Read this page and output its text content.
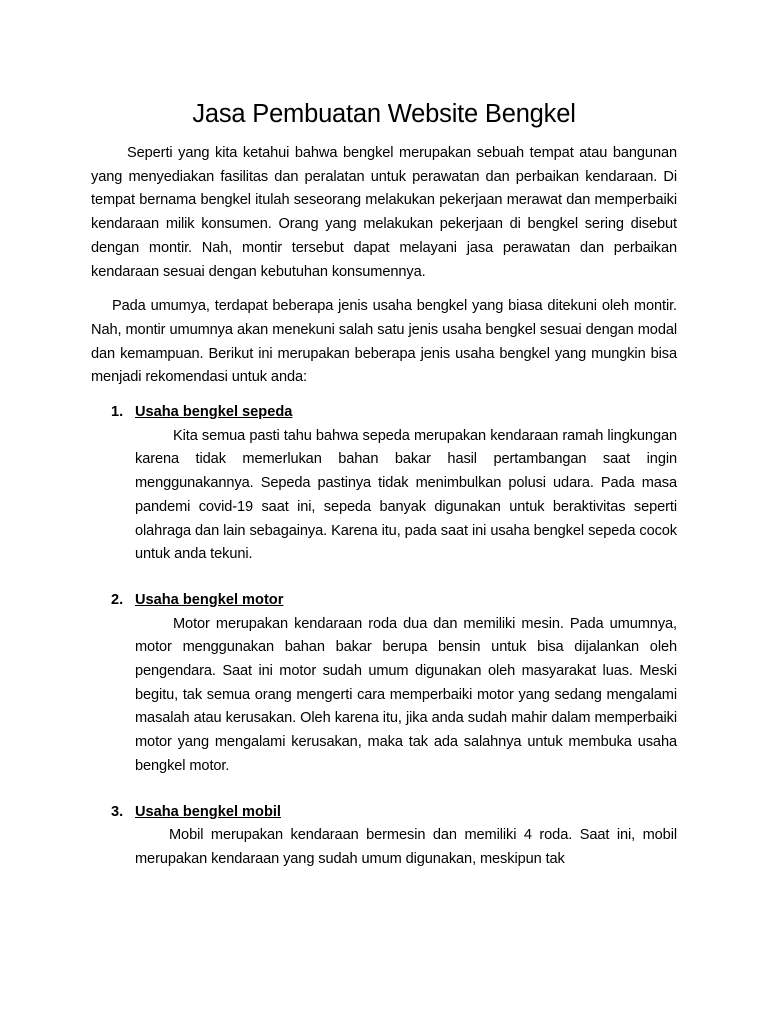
Jasa Pembuatan Website Bengkel

Seperti yang kita ketahui bahwa bengkel merupakan sebuah tempat atau bangunan yang menyediakan fasilitas dan peralatan untuk perawatan dan perbaikan kendaraan. Di tempat bernama bengkel itulah seseorang melakukan pekerjaan merawat dan memperbaiki kendaraan milik konsumen. Orang yang melakukan pekerjaan di bengkel sering disebut dengan montir. Nah, montir tersebut dapat melayani jasa perawatan dan perbaikan kendaraan sesuai dengan kebutuhan konsumennya.

Pada umumya, terdapat beberapa jenis usaha bengkel yang biasa ditekuni oleh montir. Nah, montir umumnya akan menekuni salah satu jenis usaha bengkel sesuai dengan modal dan kemampuan. Berikut ini merupakan beberapa jenis usaha bengkel yang mungkin bisa menjadi rekomendasi untuk anda:

1. Usaha bengkel sepeda

Kita semua pasti tahu bahwa sepeda merupakan kendaraan ramah lingkungan karena tidak memerlukan bahan bakar hasil pertambangan saat ingin menggunakannya. Sepeda pastinya tidak menimbulkan polusi udara. Pada masa pandemi covid-19 saat ini, sepeda banyak digunakan untuk beraktivitas seperti olahraga dan lain sebagainya. Karena itu, pada saat ini usaha bengkel sepeda cocok untuk anda tekuni.

2. Usaha bengkel motor

Motor merupakan kendaraan roda dua dan memiliki mesin. Pada umumnya, motor menggunakan bahan bakar berupa bensin untuk bisa dijalankan oleh pengendara. Saat ini motor sudah umum digunakan oleh masyarakat luas. Meski begitu, tak semua orang mengerti cara memperbaiki motor yang sedang mengalami masalah atau kerusakan. Oleh karena itu, jika anda sudah mahir dalam memperbaiki motor yang mengalami kerusakan, maka tak ada salahnya untuk membuka usaha bengkel motor.

3. Usaha bengkel mobil

Mobil merupakan kendaraan bermesin dan memiliki 4 roda. Saat ini, mobil merupakan kendaraan yang sudah umum digunakan, meskipun tak
